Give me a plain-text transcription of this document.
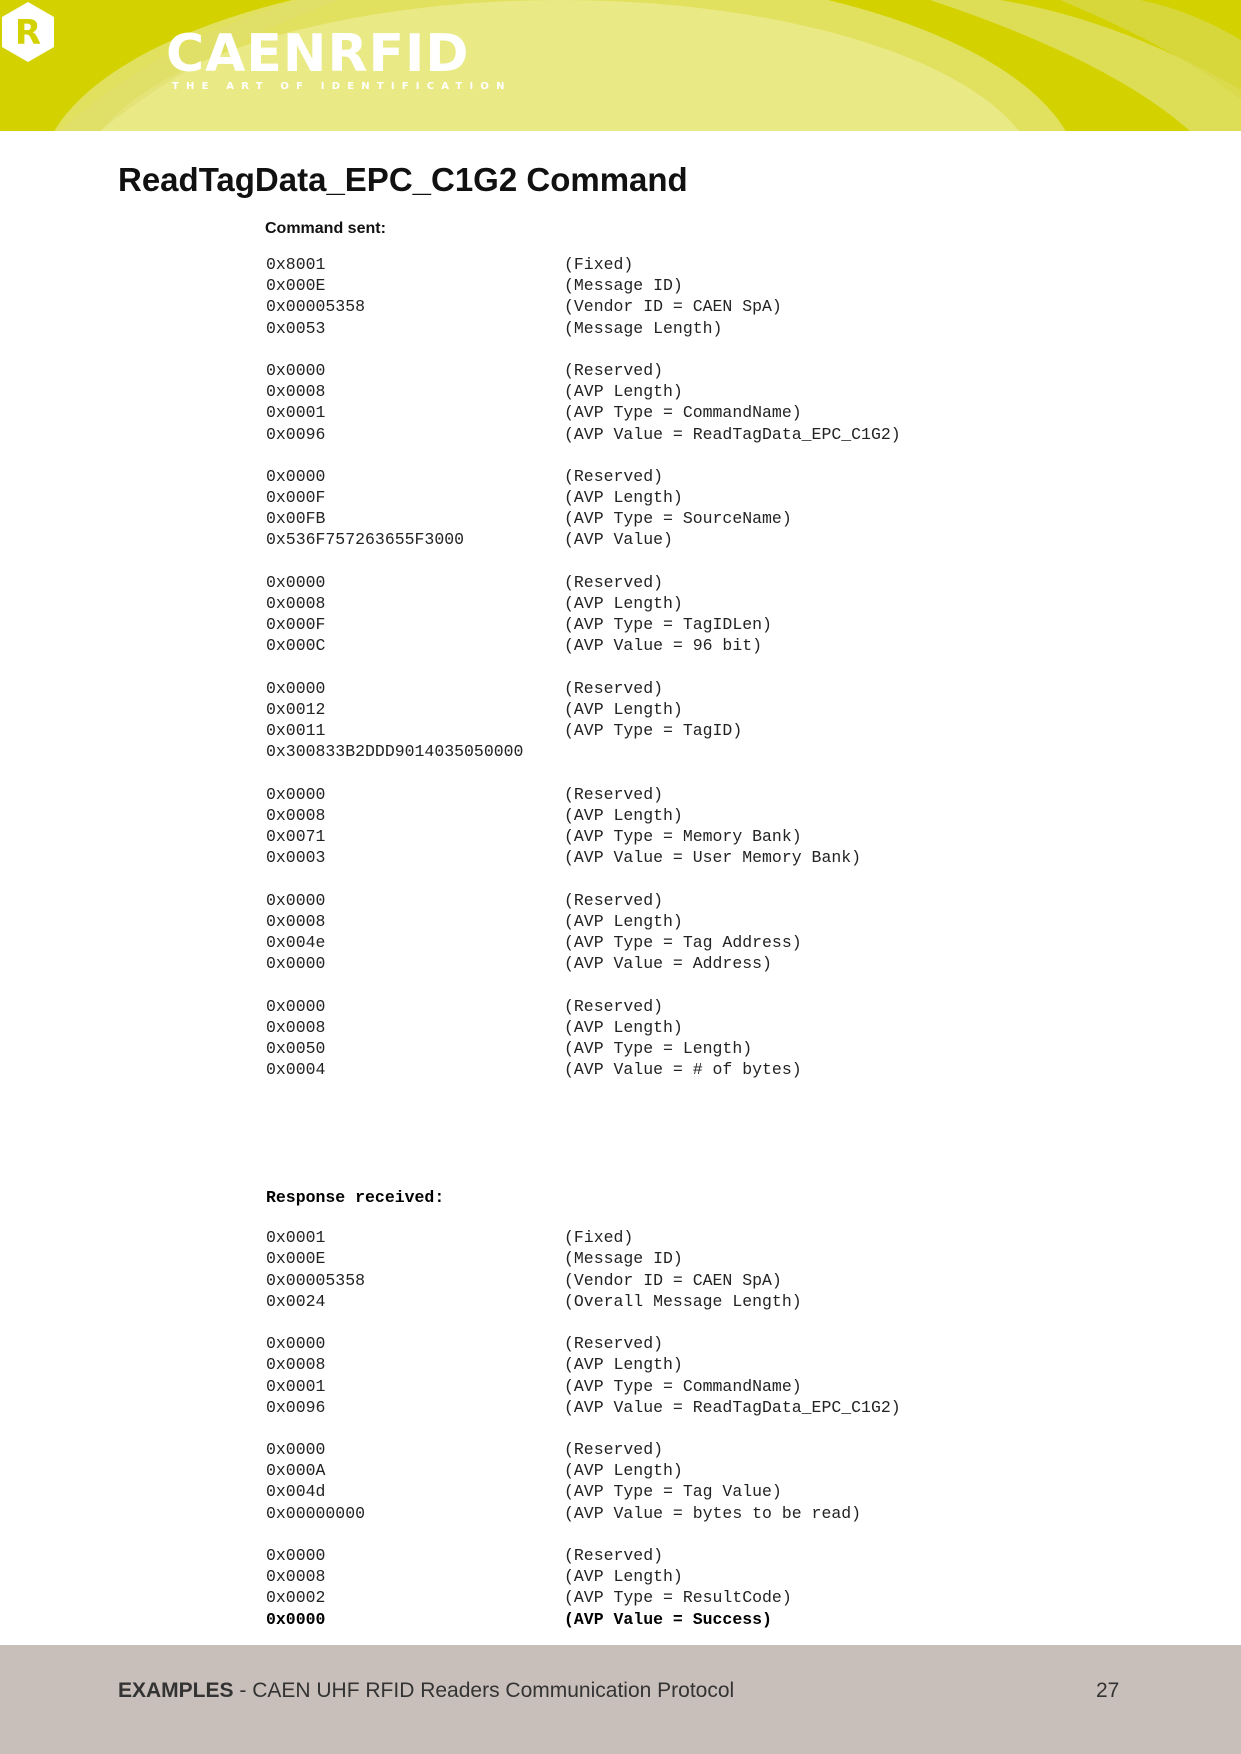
R CAENRFID
THE ART OF IDENTIFICATION
ReadTagData_EPC_C1G2 Command
Command sent:
0x8001	(Fixed)
0x000E	(Message ID)
0x00005358	(Vendor ID = CAEN SpA)
0x0053	(Message Length)
0x0000	(Reserved)
0x0008	(AVP Length)
0x0001	(AVP Type = CommandName)
0x0096	(AVP Value = ReadTagData_EPC_C1G2)
0x0000	(Reserved)
0x000F	(AVP Length)
0x00FB	(AVP Type = SourceName)
0x536F757263655F3000	(AVP Value)
0x0000	(Reserved)
0x0008	(AVP Length)
0x000F	(AVP Type = TagIDLen)
0x000C	(AVP Value = 96 bit)
0x0000	(Reserved)
0x0012	(AVP Length)
0x0011	(AVP Type = TagID)
0x300833B2DDD9014035050000
0x0000	(Reserved)
0x0008	(AVP Length)
0x0071	(AVP Type = Memory Bank)
0x0003	(AVP Value = User Memory Bank)
0x0000	(Reserved)
0x0008	(AVP Length)
0x004e	(AVP Type = Tag Address)
0x0000	(AVP Value = Address)
0x0000	(Reserved)
0x0008	(AVP Length)
0x0050	(AVP Type = Length)
0x0004	(AVP Value = # of bytes)

Response received:

0x0001	(Fixed)
0x000E	(Message ID)
0x00005358	(Vendor ID = CAEN SpA)
0x0024	(Overall Message Length)
0x0000	(Reserved)
0x0008	(AVP Length)
0x0001	(AVP Type = CommandName)
0x0096	(AVP Value = ReadTagData_EPC_C1G2)
0x0000	(Reserved)
0x000A	(AVP Length)
0x004d	(AVP Type = Tag Value)
0x00000000	(AVP Value = bytes to be read)
0x0000	(Reserved)
0x0008	(AVP Length)
0x0002	(AVP Type = ResultCode)
0x0000	(AVP Value = Success)
EXAMPLES - CAEN UHF RFID Readers Communication Protocol	27
